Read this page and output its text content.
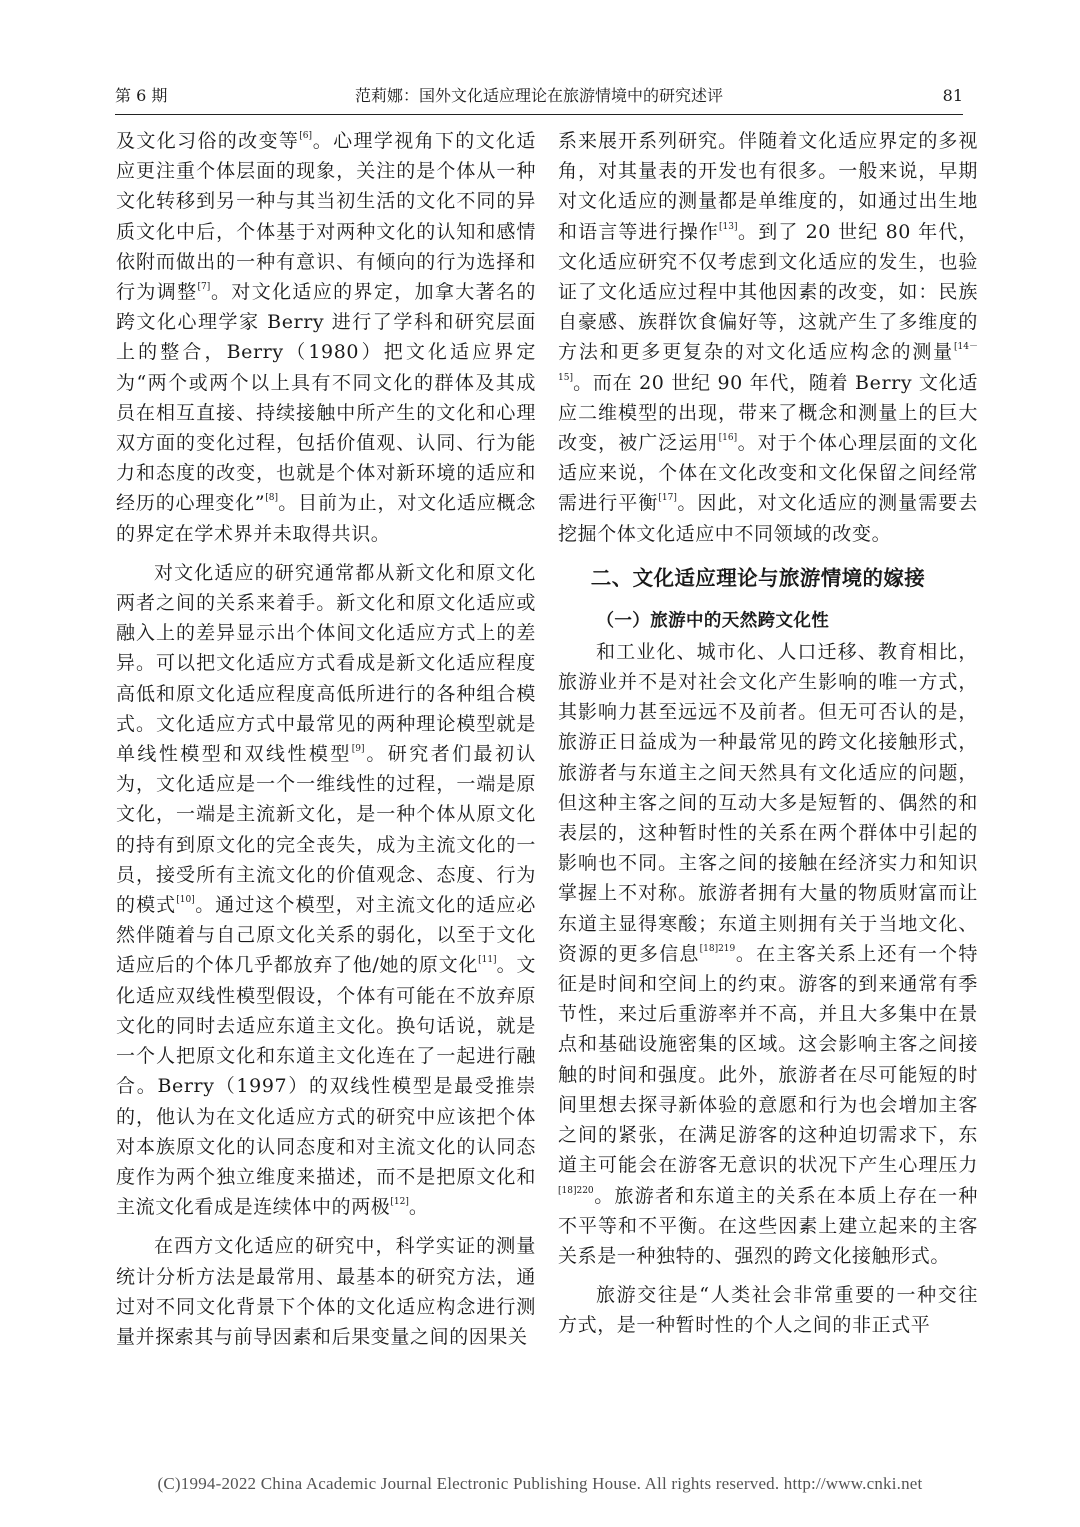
第 6 期	范莉娜：国外文化适应理论在旅游情境中的研究述评	81

及文化习俗的改变等[6]。心理学视角下的文化适应更注重个体层面的现象，关注的是个体从一种文化转移到另一种与其当初生活的文化不同的异质文化中后，个体基于对两种文化的认知和感情依附而做出的一种有意识、有倾向的行为选择和行为调整[7]。对文化适应的界定，加拿大著名的跨文化心理学家 Berry 进行了学科和研究层面上的整合，Berry（1980）把文化适应界定为“两个或两个以上具有不同文化的群体及其成员在相互直接、持续接触中所产生的文化和心理双方面的变化过程，包括价值观、认同、行为能力和态度的改变，也就是个体对新环境的适应和经历的心理变化”[8]。目前为止，对文化适应概念的界定在学术界并未取得共识。

对文化适应的研究通常都从新文化和原文化两者之间的关系来着手。新文化和原文化适应或融入上的差异显示出个体间文化适应方式上的差异。可以把文化适应方式看成是新文化适应程度高低和原文化适应程度高低所进行的各种组合模式。文化适应方式中最常见的两种理论模型就是单线性模型和双线性模型[9]。研究者们最初认为，文化适应是一个一维线性的过程，一端是原文化，一端是主流新文化，是一种个体从原文化的持有到原文化的完全丧失，成为主流文化的一员，接受所有主流文化的价值观念、态度、行为的模式[10]。通过这个模型，对主流文化的适应必然伴随着与自己原文化关系的弱化，以至于文化适应后的个体几乎都放弃了他/她的原文化[11]。文化适应双线性模型假设，个体有可能在不放弃原文化的同时去适应东道主文化。换句话说，就是一个人把原文化和东道主文化连在了一起进行融合。Berry（1997）的双线性模型是最受推崇的，他认为在文化适应方式的研究中应该把个体对本族原文化的认同态度和对主流文化的认同态度作为两个独立维度来描述，而不是把原文化和主流文化看成是连续体中的两极[12]。

在西方文化适应的研究中，科学实证的测量统计分析方法是最常用、最基本的研究方法，通过对不同文化背景下个体的文化适应构念进行测量并探索其与前导因素和后果变量之间的因果关

系来展开系列研究。伴随着文化适应界定的多视角，对其量表的开发也有很多。一般来说，早期对文化适应的测量都是单维度的，如通过出生地和语言等进行操作[13]。到了 20 世纪 80 年代，文化适应研究不仅考虑到文化适应的发生，也验证了文化适应过程中其他因素的改变，如：民族自豪感、族群饮食偏好等，这就产生了多维度的方法和更多更复杂的对文化适应构念的测量[14－15]。而在 20 世纪 90 年代，随着 Berry 文化适应二维模型的出现，带来了概念和测量上的巨大改变，被广泛运用[16]。对于个体心理层面的文化适应来说，个体在文化改变和文化保留之间经常需进行平衡[17]。因此，对文化适应的测量需要去挖掘个体文化适应中不同领域的改变。

二、文化适应理论与旅游情境的嫁接
（一）旅游中的天然跨文化性

和工业化、城市化、人口迁移、教育相比，旅游业并不是对社会文化产生影响的唯一方式，其影响力甚至远远不及前者。但无可否认的是，旅游正日益成为一种最常见的跨文化接触形式，旅游者与东道主之间天然具有文化适应的问题，但这种主客之间的互动大多是短暂的、偶然的和表层的，这种暂时性的关系在两个群体中引起的影响也不同。主客之间的接触在经济实力和知识掌握上不对称。旅游者拥有大量的物质财富而让东道主显得寒酸；东道主则拥有关于当地文化、资源的更多信息$^{[18]219}$。在主客关系上还有一个特征是时间和空间上的约束。游客的到来通常有季节性，来过后重游率并不高，并且大多集中在景点和基础设施密集的区域。这会影响主客之间接触的时间和强度。此外，旅游者在尽可能短的时间里想去探寻新体验的意愿和行为也会增加主客之间的紧张，在满足游客的这种迫切需求下，东道主可能会在游客无意识的状况下产生心理压力$^{[18]220}$。旅游者和东道主的关系在本质上存在一种不平等和不平衡。在这些因素上建立起来的主客关系是一种独特的、强烈的跨文化接触形式。

旅游交往是“人类社会非常重要的一种交往方式，是一种暂时性的个人之间的非正式平

(C)1994-2022 China Academic Journal Electronic Publishing House. All rights reserved. http://www.cnki.net
